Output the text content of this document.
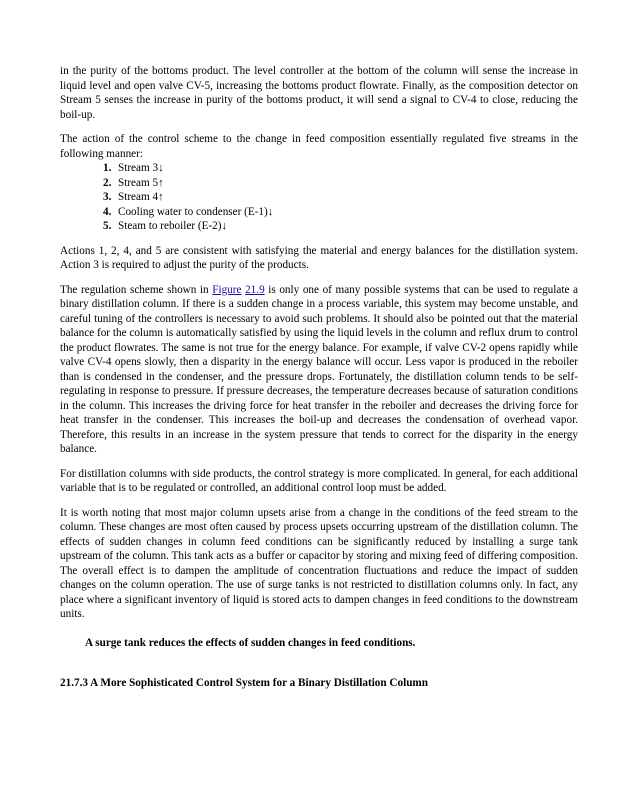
in the purity of the bottoms product. The level controller at the bottom of the column will sense the increase in liquid level and open valve CV-5, increasing the bottoms product flowrate. Finally, as the composition detector on Stream 5 senses the increase in purity of the bottoms product, it will send a signal to CV-4 to close, reducing the boil-up.

The action of the control scheme to the change in feed composition essentially regulated five streams in the following manner:

1. Stream 3↓
2. Stream 5↑
3. Stream 4↑
4. Cooling water to condenser (E-1)↓
5. Steam to reboiler (E-2)↓

Actions 1, 2, 4, and 5 are consistent with satisfying the material and energy balances for the distillation system. Action 3 is required to adjust the purity of the products.

The regulation scheme shown in Figure 21.9 is only one of many possible systems that can be used to regulate a binary distillation column. If there is a sudden change in a process variable, this system may become unstable, and careful tuning of the controllers is necessary to avoid such problems. It should also be pointed out that the material balance for the column is automatically satisfied by using the liquid levels in the column and reflux drum to control the product flowrates. The same is not true for the energy balance. For example, if valve CV-2 opens rapidly while valve CV-4 opens slowly, then a disparity in the energy balance will occur. Less vapor is produced in the reboiler than is condensed in the condenser, and the pressure drops. Fortunately, the distillation column tends to be self-regulating in response to pressure. If pressure decreases, the temperature decreases because of saturation conditions in the column. This increases the driving force for heat transfer in the reboiler and decreases the driving force for heat transfer in the condenser. This increases the boil-up and decreases the condensation of overhead vapor. Therefore, this results in an increase in the system pressure that tends to correct for the disparity in the energy balance.

For distillation columns with side products, the control strategy is more complicated. In general, for each additional variable that is to be regulated or controlled, an additional control loop must be added.

It is worth noting that most major column upsets arise from a change in the conditions of the feed stream to the column. These changes are most often caused by process upsets occurring upstream of the distillation column. The effects of sudden changes in column feed conditions can be significantly reduced by installing a surge tank upstream of the column. This tank acts as a buffer or capacitor by storing and mixing feed of differing composition. The overall effect is to dampen the amplitude of concentration fluctuations and reduce the impact of sudden changes on the column operation. The use of surge tanks is not restricted to distillation columns only. In fact, any place where a significant inventory of liquid is stored acts to dampen changes in feed conditions to the downstream units.

A surge tank reduces the effects of sudden changes in feed conditions.

21.7.3 A More Sophisticated Control System for a Binary Distillation Column
